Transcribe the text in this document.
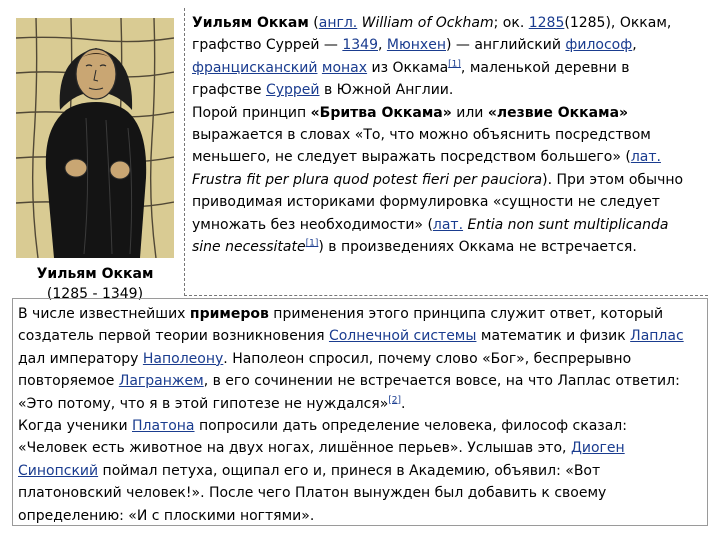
Уильям Оккам
(1285 - 1349)
Уильям Оккам (англ. William of Ockham; ок. 1285(1285), Оккам, графство Суррей — 1349, Мюнхен) — английский философ, францисканский монах из Оккама[1], маленькой деревни в графстве Суррей в Южной Англии.
Порой принцип «Бритва Оккама» или «лезвие Оккама» выражается в словах «То, что можно объяснить посредством меньшего, не следует выражать посредством большего» (лат. Frustra fit per plura quod potest fieri per pauciora). При этом обычно приводимая историками формулировка «сущности не следует умножать без необходимости» (лат. Entia non sunt multiplicanda sine necessitate[1]) в произведениях Оккама не встречается.
В числе известнейших примеров применения этого принципа служит ответ, который создатель первой теории возникновения Солнечной системы математик и физик Лаплас дал императору Наполеону. Наполеон спросил, почему слово «Бог», беспрерывно повторяемое Лагранжем, в его сочинении не встречается вовсе, на что Лаплас ответил: «Это потому, что я в этой гипотезе не нуждался»[2].
Когда ученики Платона попросили дать определение человека, философ сказал: «Человек есть животное на двух ногах, лишённое перьев». Услышав это, Диоген Синопский поймал петуха, ощипал его и, принеся в Академию, объявил: «Вот платоновский человек!». После чего Платон вынужден был добавить к своему определению: «И с плоскими ногтями».
